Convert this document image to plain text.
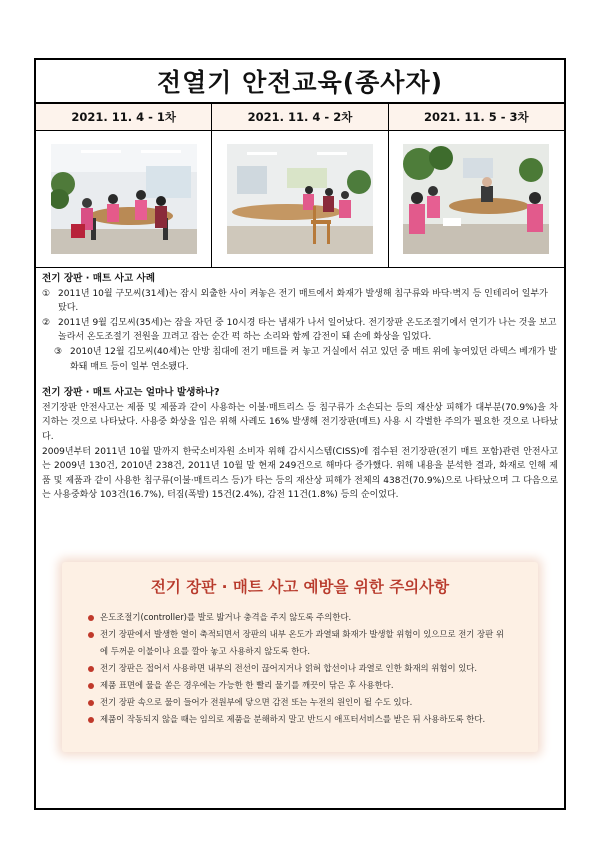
전열기 안전교육(종사자)
2021. 11. 4 - 1차	2021. 11. 4 - 2차	2021. 11. 5 - 3차
전기 장판 · 매트 사고 사례
① 2011년 10월 구모씨(31세)는 잠시 외출한 사이 켜놓은 전기 매트에서 화재가 발생해 침구류와 바닥·벽지 등 인테리어 일부가 탔다.
② 2011년 9월 김모씨(35세)는 잠을 자던 중 10시경 타는 냄새가 나서 일어났다. 전기장판 온도조절기에서 연기가 나는 것을 보고 놀라서 온도조절기 전원을 끄려고 잡는 순간 퍽 하는 소리와 함께 감전이 돼 손에 화상을 입었다.
③ 2010년 12월 김모씨(40세)는 안방 침대에 전기 매트를 켜 놓고 거실에서 쉬고 있던 중 매트 위에 놓여있던 라텍스 베개가 발화돼 매트 등이 일부 연소됐다.
전기 장판 · 매트 사고는 얼마나 발생하나?
전기장판 안전사고는 제품 및 제품과 같이 사용하는 이불·매트리스 등 침구류가 소손되는 등의 재산상 피해가 대부분(70.9%)을 차지하는 것으로 나타났다. 사용중 화상을 입은 위해 사례도 16% 발생해 전기장판(매트) 사용 시 각별한 주의가 필요한 것으로 나타났다.
2009년부터 2011년 10월 말까지 한국소비자원 소비자 위해 감시시스템(CISS)에 접수된 전기장판(전기 매트 포함)관련 안전사고는 2009년 130건, 2010년 238건, 2011년 10월 말 현재 249건으로 해마다 증가했다. 위해 내용을 분석한 결과, 화재로 인해 제품 및 제품과 같이 사용한 침구류(이불·매트리스 등)가 타는 등의 재산상 피해가 전체의 438건(70.9%)으로 나타났으며 그 다음으로는 사용중화상 103건(16.7%), 터짐(폭발) 15건(2.4%), 감전 11건(1.8%) 등의 순이었다.
전기 장판 · 매트 사고 예방을 위한 주의사항
온도조절기(controller)를 발로 밟거나 충격을 주지 않도록 주의한다.
전기 장판에서 발생한 열이 축적되면서 장판의 내부 온도가 과열돼 화재가 발생할 위험이 있으므로 전기 장판 위에 두꺼운 이불이나 요를 깔아 놓고 사용하지 않도록 한다.
전기 장판은 접어서 사용하면 내부의 전선이 끊어지거나 얽혀 합선이나 과열로 인한 화재의 위험이 있다.
제품 표면에 물을 쏟은 경우에는 가능한 한 빨리 물기를 깨끗이 닦은 후 사용한다.
전기 장판 속으로 물이 들어가 전원부에 닿으면 감전 또는 누전의 원인이 될 수도 있다.
제품이 작동되지 않을 때는 임의로 제품을 분해하지 말고 반드시 애프터서비스를 받은 뒤 사용하도록 한다.
